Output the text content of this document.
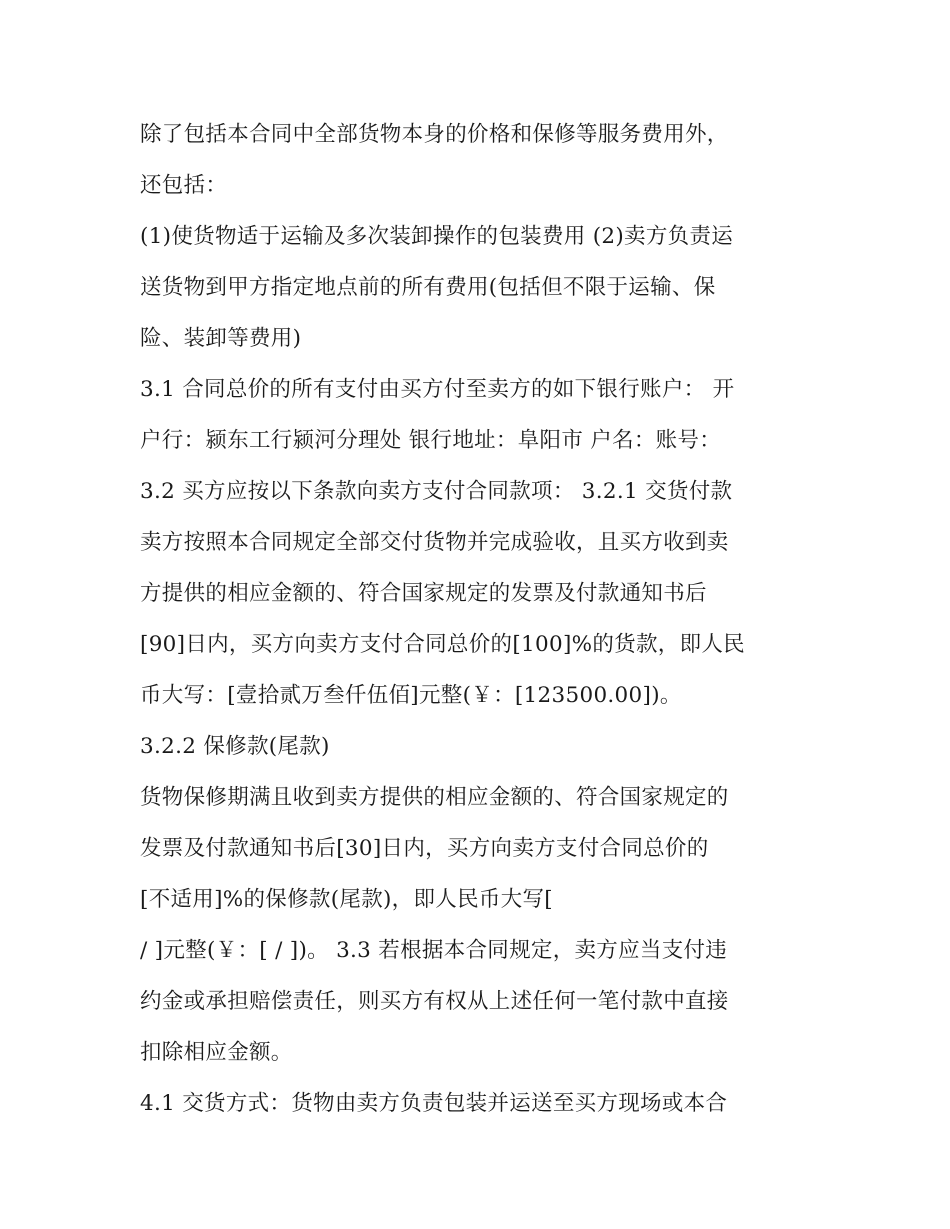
除了包括本合同中全部货物本身的价格和保修等服务费用外，
还包括：
(1)使货物适于运输及多次装卸操作的包装费用 (2)卖方负责运
送货物到甲方指定地点前的所有费用(包括但不限于运输、保
险、装卸等费用)
3.1 合同总价的所有支付由买方付至卖方的如下银行账户： 开
户行：颍东工行颍河分理处 银行地址：阜阳市 户名：账号：
3.2 买方应按以下条款向卖方支付合同款项： 3.2.1 交货付款
卖方按照本合同规定全部交付货物并完成验收，且买方收到卖
方提供的相应金额的、符合国家规定的发票及付款通知书后
[90]日内，买方向卖方支付合同总价的[100]%的货款，即人民
币大写：[壹拾贰万叁仟伍佰]元整(￥：[123500.00])。
3.2.2 保修款(尾款)
货物保修期满且收到卖方提供的相应金额的、符合国家规定的
发票及付款通知书后[30]日内，买方向卖方支付合同总价的
[不适用]%的保修款(尾款)，即人民币大写[
/ ]元整(￥：[ / ])。 3.3 若根据本合同规定，卖方应当支付违
约金或承担赔偿责任，则买方有权从上述任何一笔付款中直接
扣除相应金额。
4.1 交货方式：货物由卖方负责包装并运送至买方现场或本合
